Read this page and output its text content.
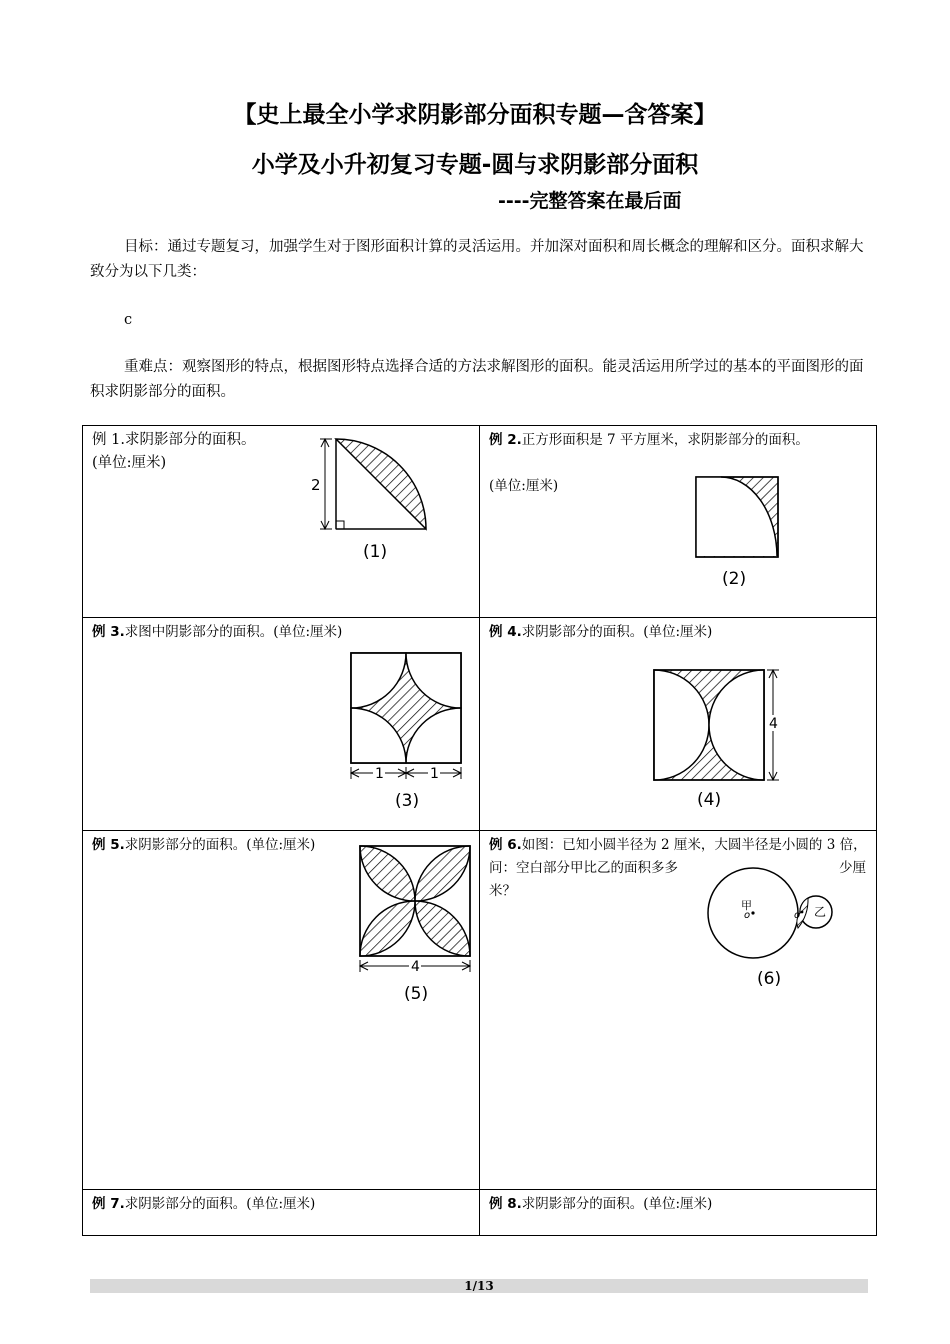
【史上最全小学求阴影部分面积专题—含答案】
小学及小升初复习专题-圆与求阴影部分面积
----完整答案在最后面
目标：通过专题复习，加强学生对于图形面积计算的灵活运用。并加深对面积和周长概念的理解和区分。面积求解大致分为以下几类：
c
重难点：观察图形的特点，根据图形特点选择合适的方法求解图形的面积。能灵活运用所学过的基本的平面图形的面积求阴影部分的面积。
例 1.求阴影部分的面积。
(单位:厘米)
2
(1)
例 2.正方形面积是 7 平方厘米，求阴影部分的面积。
(单位:厘米)
(2)
例 3.求图中阴影部分的面积。(单位:厘米)
1	1
(3)
例 4.求阴影部分的面积。(单位:厘米)
4
(4)
例 5.求阴影部分的面积。(单位:厘米)
4
(5)
例 6.如图：已知小圆半径为 2 厘米，大圆半径是小圆的 3 倍，
问：空白部分甲比乙的面积多多	少厘
米？
甲
o	o 乙
(6)
例 7.求阴影部分的面积。(单位:厘米)	例 8.求阴影部分的面积。(单位:厘米)
1/13
